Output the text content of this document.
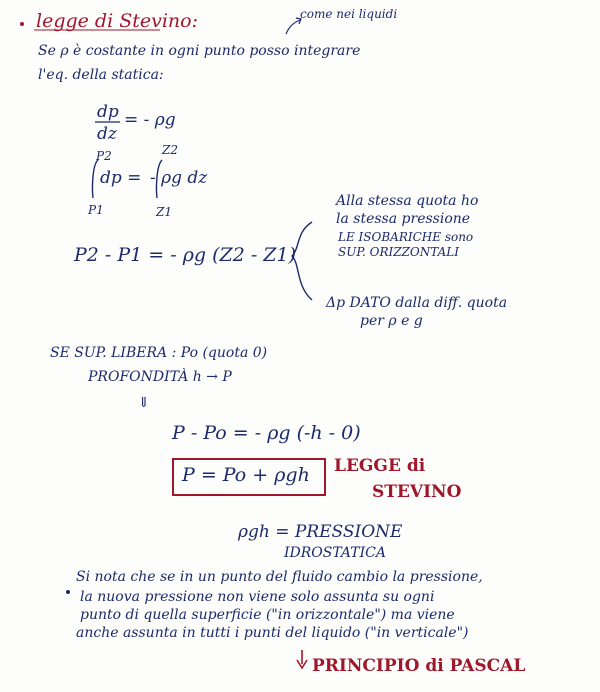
legge di Stevino:	come nei liquidi
Se ρ è costante in ogni punto posso integrare
l'eq. della statica:
dp
dz
= - ρg
P2
dp =
P1
Z2
- ρg dz
Z1
P2 - P1 = - ρg (Z2 - Z1)
Alla stessa quota ho
la stessa pressione
LE ISOBARICHE sono
SUP. ORIZZONTALI
Δp DATO dalla diff. quota
per ρ e g
SE SUP. LIBERA : Po (quota 0)
PROFONDITÀ h → P
⇓
P - Po = - ρg (-h - 0)
P = Po + ρgh LEGGE di
STEVINO
ρgh = PRESSIONE
IDROSTATICA
Si nota che se in un punto del fluido cambio la pressione,
la nuova pressione non viene solo assunta su ogni
punto di quella superficie ("in orizzontale") ma viene
anche assunta in tutti i punti del liquido ("in verticale")
PRINCIPIO di PASCAL
